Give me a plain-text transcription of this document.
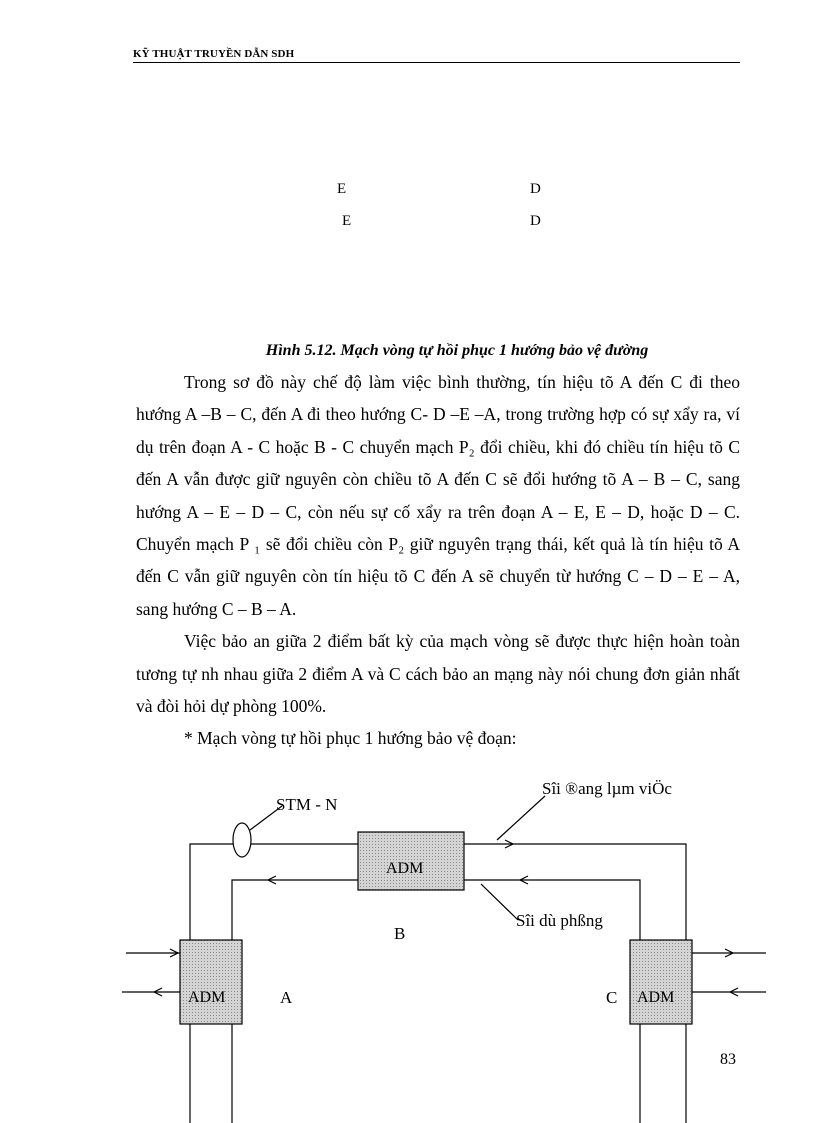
KỸ THUẬT TRUYỀN DẪN SDH
E	D
E	D
Hình 5.12. Mạch vòng tự hồi phục 1 hướng bảo vệ đường

Trong sơ đồ này chế độ làm việc bình thường, tín hiệu tõ A đến C đi theo hướng A –B – C, đến A đi theo hướng C- D –E –A, trong trường hợp có sự xẩy ra, ví dụ trên đoạn A - C hoặc B - C chuyển mạch P₂ đổi chiều, khi đó chiều tín hiệu tõ C đến A vẫn được giữ nguyên còn chiều tõ A đến C sẽ đổi hướng tõ A – B – C, sang hướng A – E – D – C, còn nếu sự cố xẩy ra trên đoạn A – E, E – D, hoặc D – C. Chuyển mạch P ₁ sẽ đổi chiều còn P₂ giữ nguyên trạng thái, kết quả là tín hiệu tõ A đến C vẫn giữ nguyên còn tín hiệu tõ C đến A sẽ chuyển từ hướng C – D – E – A, sang hướng C – B – A.

Việc bảo an giữa 2 điểm bất kỳ của mạch vòng sẽ được thực hiện hoàn toàn tương tự nh nhau giữa 2 điểm A và C cách bảo an mạng này nói chung đơn giản nhất và đòi hỏi dự phòng 100%.

* Mạch vòng tự hồi phục 1 hướng bảo vệ đoạn:

STM - N
Sîi ®ang lµm viÖc
Sîi dù phßng
ADM
B
ADM	A	ADM
C
83
